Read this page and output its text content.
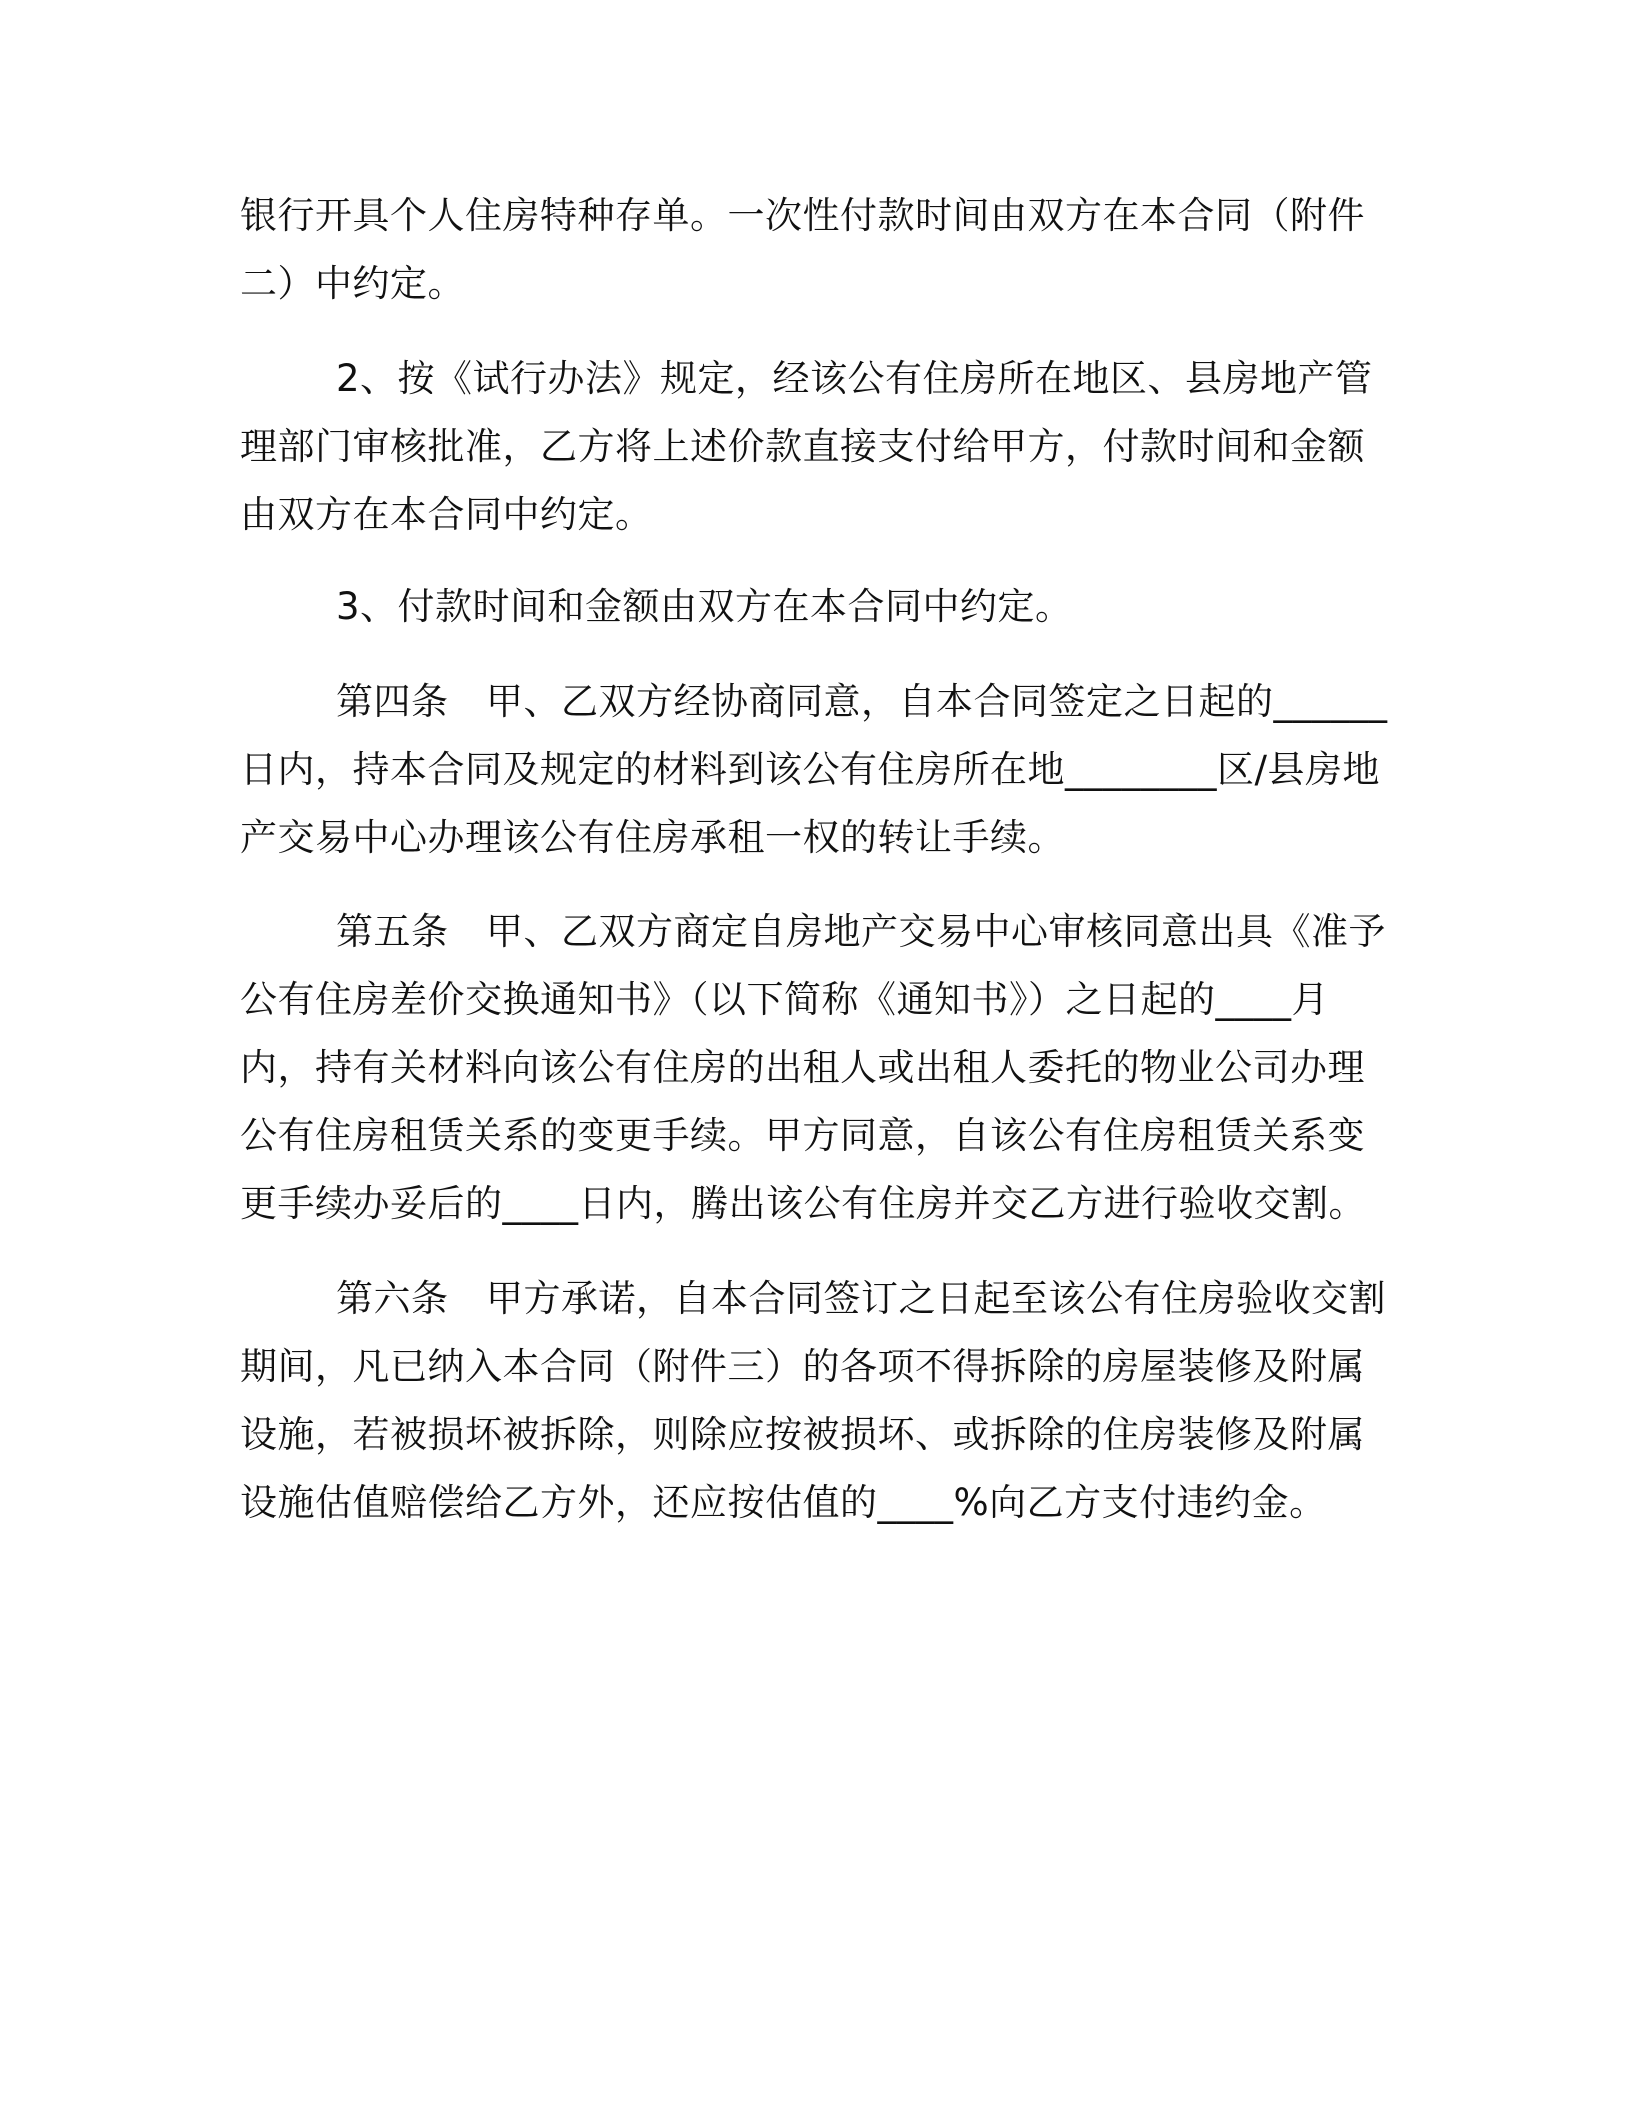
银行开具个人住房特种存单。一次性付款时间由双方在本合同（附件
二）中约定。
2、按《试行办法》规定，经该公有住房所在地区、县房地产管
理部门审核批准，乙方将上述价款直接支付给甲方，付款时间和金额
由双方在本合同中约定。
3、付款时间和金额由双方在本合同中约定。
第四条　甲、乙双方经协商同意，自本合同签定之日起的______
日内，持本合同及规定的材料到该公有住房所在地________区/县房地
产交易中心办理该公有住房承租一权的转让手续。
第五条　甲、乙双方商定自房地产交易中心审核同意出具《准予
公有住房差价交换通知书》（以下简称《通知书》）之日起的____月
内，持有关材料向该公有住房的出租人或出租人委托的物业公司办理
公有住房租赁关系的变更手续。甲方同意，自该公有住房租赁关系变
更手续办妥后的____日内，腾出该公有住房并交乙方进行验收交割。
第六条　甲方承诺，自本合同签订之日起至该公有住房验收交割
期间，凡已纳入本合同（附件三）的各项不得拆除的房屋装修及附属
设施，若被损坏被拆除，则除应按被损坏、或拆除的住房装修及附属
设施估值赔偿给乙方外，还应按估值的____%向乙方支付违约金。
